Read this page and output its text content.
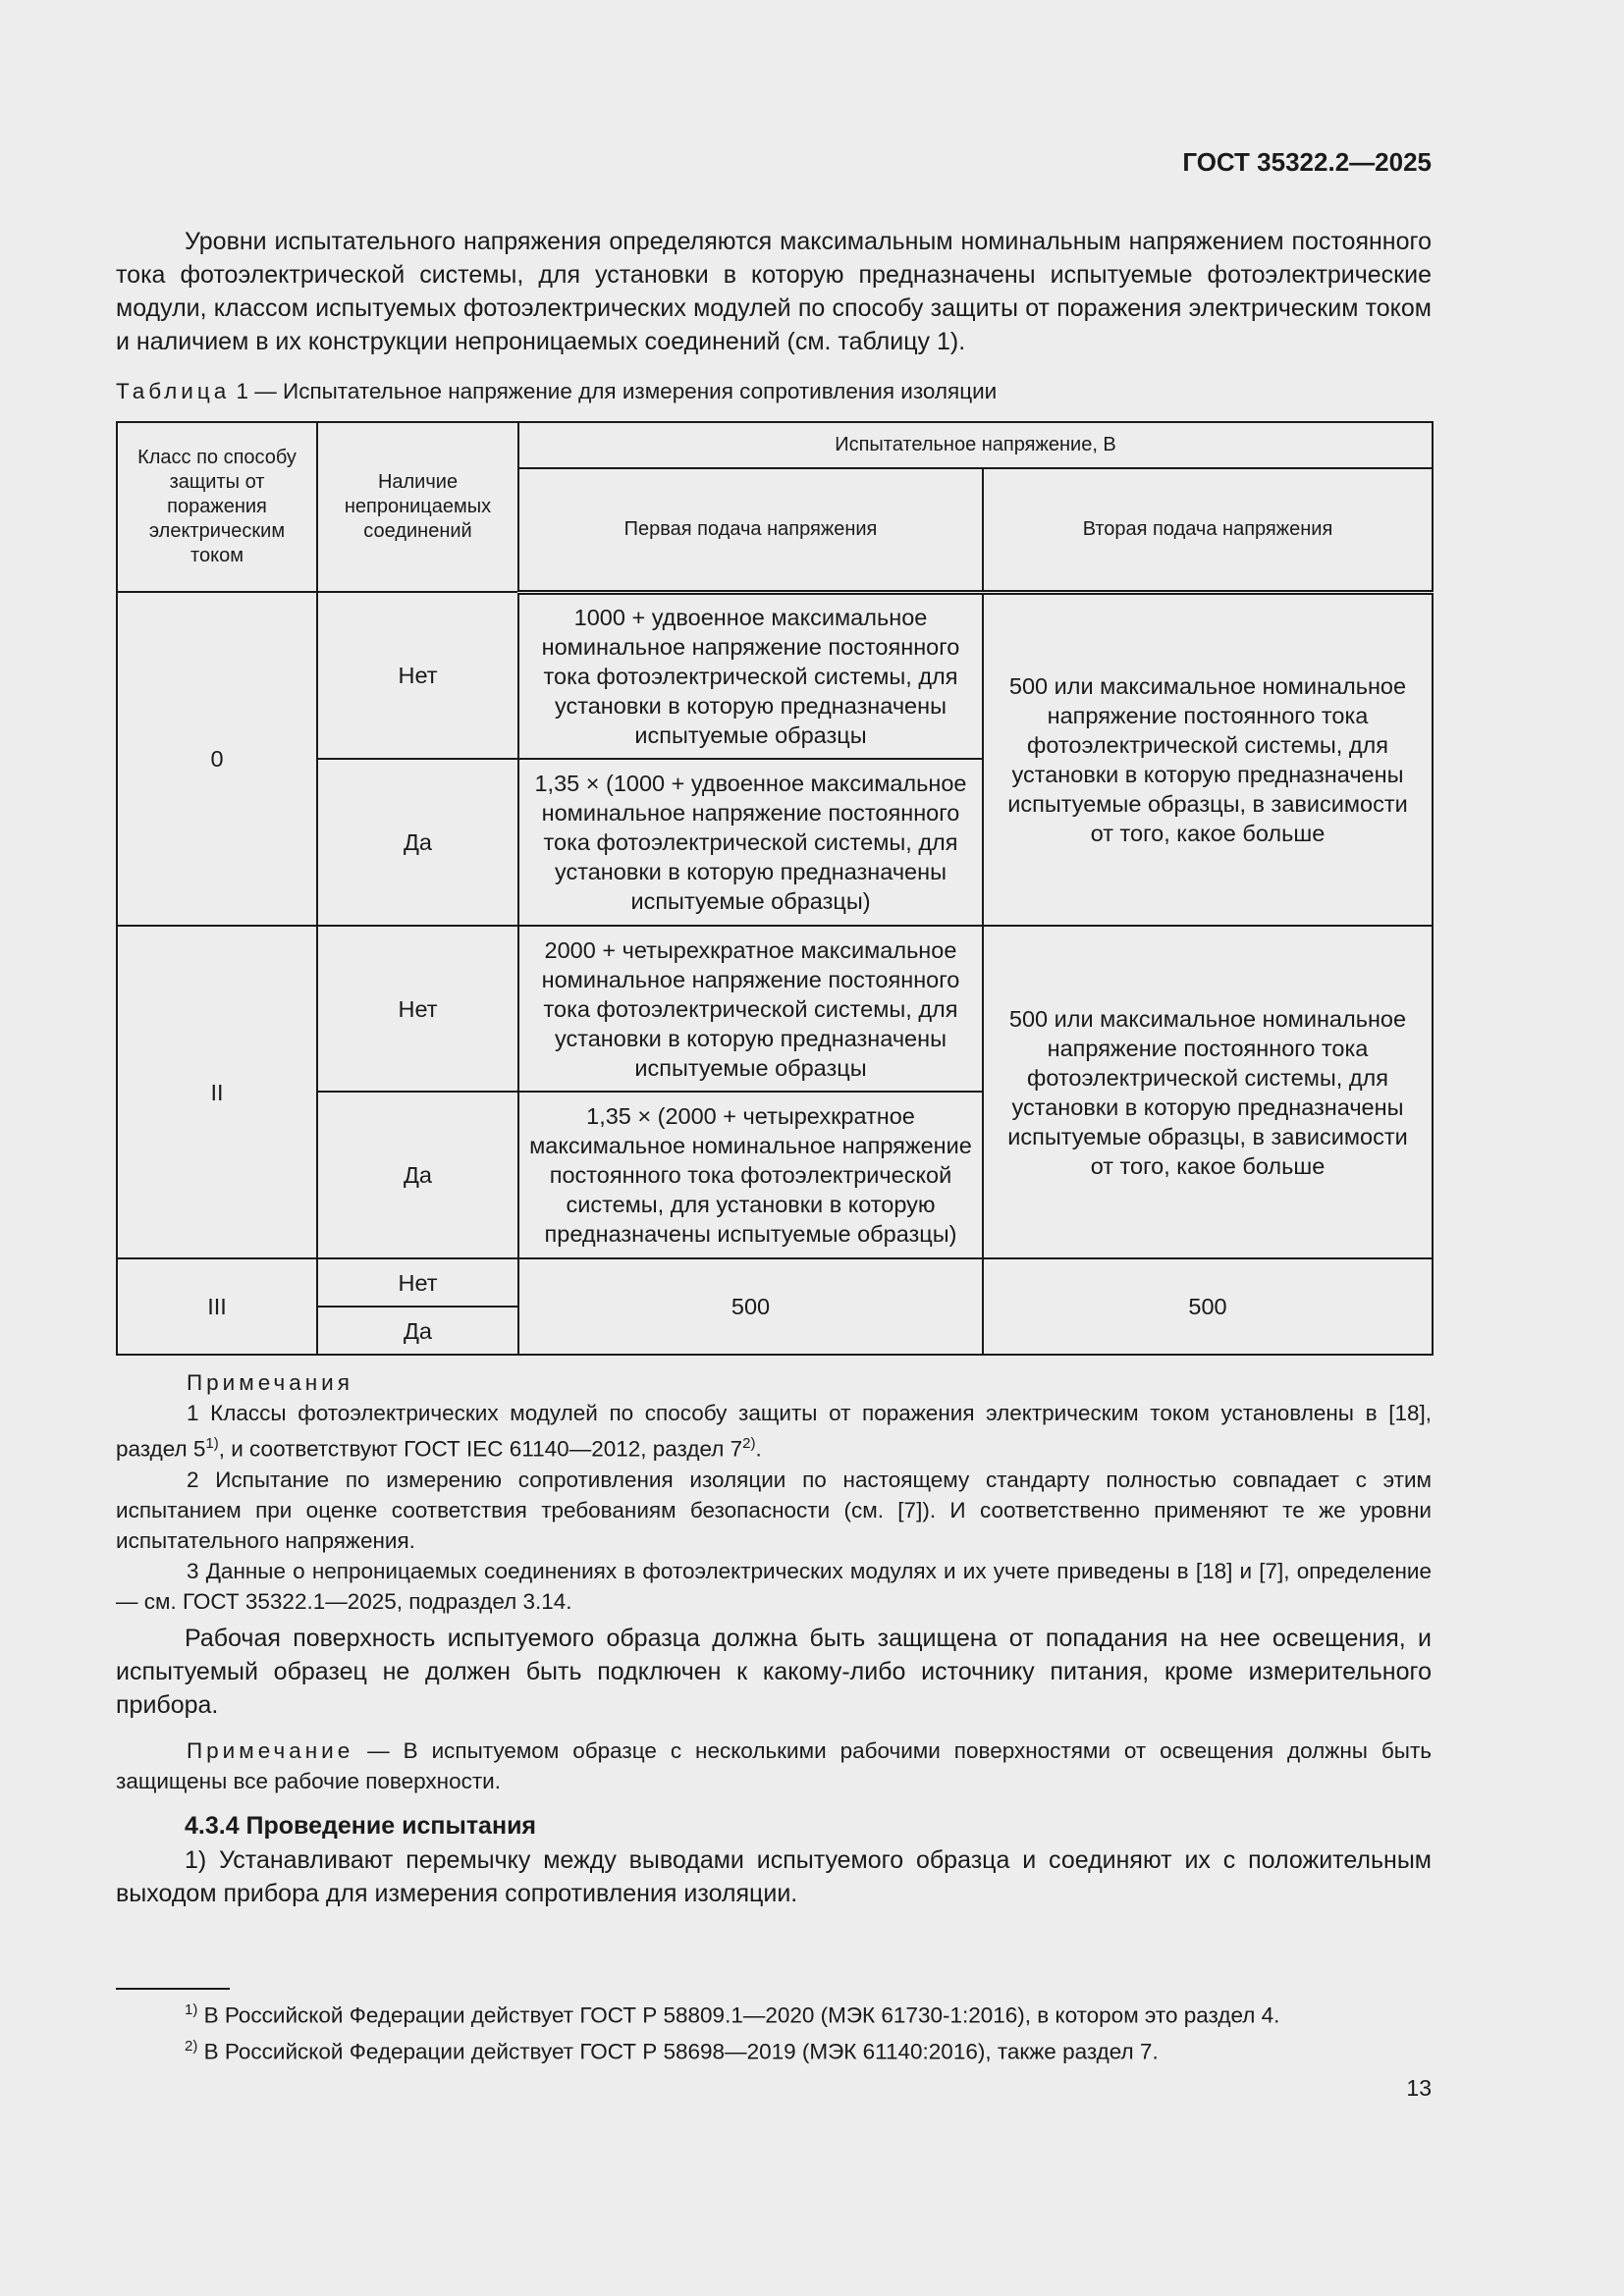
ГОСТ 35322.2—2025

Уровни испытательного напряжения определяются максимальным номинальным напряжением постоянного тока фотоэлектрической системы, для установки в которую предназначены испытуемые фотоэлектрические модули, классом испытуемых фотоэлектрических модулей по способу защиты от поражения электрическим током и наличием в их конструкции непроницаемых соединений (см. таблицу 1).

Таблица 1 — Испытательное напряжение для измерения сопротивления изоляции
Класс по способу защиты от поражения электрическим током	Наличие непроницаемых соединений	Испытательное напряжение, В	
		Первая подача напряжения	Вторая подача напряжения
0	Нет	1000 + удвоенное максимальное номинальное напряжение постоянного тока фотоэлектрической системы, для установки в которую предназначены испытуемые образцы	500 или максимальное номинальное напряжение постоянного тока фотоэлектрической системы, для установки в которую предназначены испытуемые образцы, в зависимости от того, какое больше
	Да	1,35 × (1000 + удвоенное максимальное номинальное напряжение постоянного тока фотоэлектрической системы, для установки в которую предназначены испытуемые образцы)	
II	Нет	2000 + четырехкратное максимальное номинальное напряжение постоянного тока фотоэлектрической системы, для установки в которую предназначены испытуемые образцы	500 или максимальное номинальное напряжение постоянного тока фотоэлектрической системы, для установки в которую предназначены испытуемые образцы, в зависимости от того, какое больше
	Да	1,35 × (2000 + четырехкратное максимальное номинальное напряжение постоянного тока фотоэлектрической системы, для установки в которую предназначены испытуемые образцы)	
III	Нет	500	500
	Да		

Примечания

1 Классы фотоэлектрических модулей по способу защиты от поражения электрическим током установлены в [18], раздел 5$^{1)}$, и соответствуют ГОСТ IEC 61140—2012, раздел 7$^{2)}$.

2 Испытание по измерению сопротивления изоляции по настоящему стандарту полностью совпадает с этим испытанием при оценке соответствия требованиям безопасности (см. [7]). И соответственно применяют те же уровни испытательного напряжения.

3 Данные о непроницаемых соединениях в фотоэлектрических модулях и их учете приведены в [18] и [7], определение — см. ГОСТ 35322.1—2025, подраздел 3.14.

Рабочая поверхность испытуемого образца должна быть защищена от попадания на нее освещения, и испытуемый образец не должен быть подключен к какому-либо источнику питания, кроме измерительного прибора.

Примечание — В испытуемом образце с несколькими рабочими поверхностями от освещения должны быть защищены все рабочие поверхности.

4.3.4 Проведение испытания

1) Устанавливают перемычку между выводами испытуемого образца и соединяют их с положительным выходом прибора для измерения сопротивления изоляции.

$^{1)}$ В Российской Федерации действует ГОСТ Р 58809.1—2020 (МЭК 61730-1:2016), в котором это раздел 4.
$^{2)}$ В Российской Федерации действует ГОСТ Р 58698—2019 (МЭК 61140:2016), также раздел 7.
13
